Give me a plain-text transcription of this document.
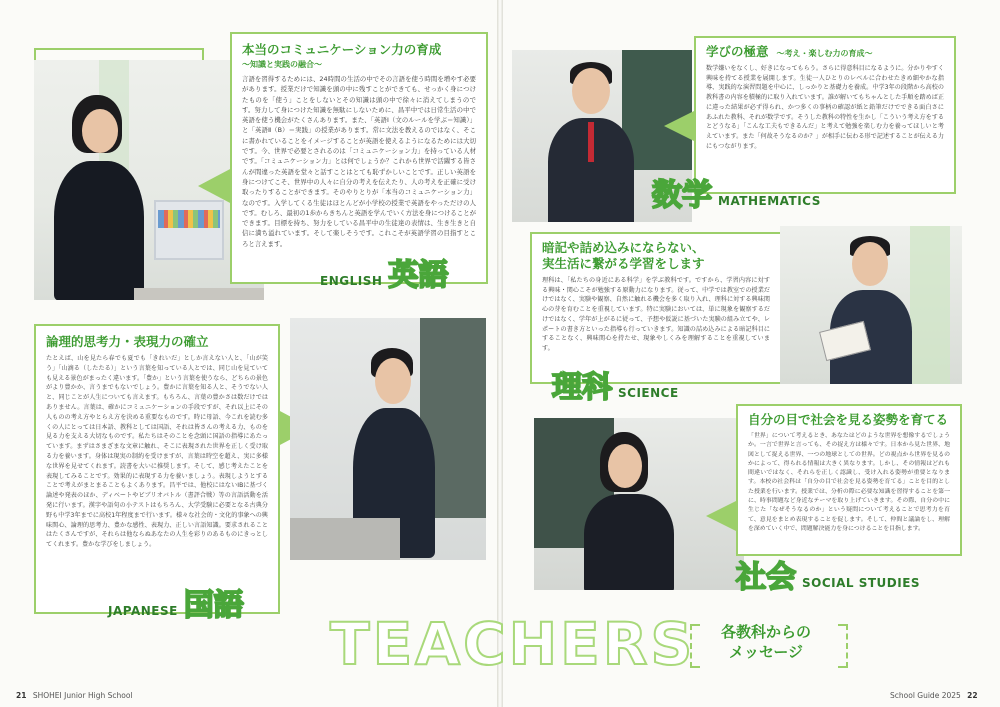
本当のコミュニケーション力の育成
〜知識と実践の融合〜
言語を習得するためには、24時間の生活の中でその言語を使う時間を増やす必要があります。授業だけで知識を頭の中に残すことができても、せっかく身につけたものを「使う」ことをしないとその知識は頭の中で徐々に消えてしまうのです。努力して身につけた知識を無駄にしないために、昌平中では日常生活の中で英語を使う機会がたくさんあります。また、「英語Ⅰ（文のルールを学ぶ＝知識）」と「英語Ⅱ（B）＝実践」の授業があります。常に文法を教えるのではなく、そこに書かれていることをイメージすることが英語を使えるようになるためには大切です。今、世界で必要とされるのは「コミュニケーション力」を持っている人材です。「コミュニケーション力」とは何でしょうか？これから世界で活躍する皆さんが間違った英語を堂々と話すことはとても恥ずかしいことです。正しい英語を身につけてこそ、世界中の人々に自分の考えを伝えたり、人の考えを正確に受け取ったりすることができます。そのやりとりが「本当のコミュニケーション力」なのです。入学してくる生徒はほとんどが小学校の授業で英語をやっただけの人です。むしろ、最初の1歩からきちんと英語を学んでいく方法を身につけることができます。目標を持ち、努力をしている昌平中の生徒達の表情は、生き生きと自信に満ち溢れています。そして楽しそうです。これこそが英語学習の目指すところと言えます。
ENGLISH 英語
論理的思考力・表現力の確立
たとえば、山を見たら春でも夏でも「きれいだ」としか言えない人と、「山が笑う」「山滴る（したたる）」という言葉を知っている人とでは、同じ山を見ていても見える景色がまったく違います。「豊か」という言葉を使うなら、どちらの景色がより豊かか、言うまでもないでしょう。豊かに言葉を知る人と、そうでない人と、同じことが人生についても言えます。もちろん、言葉の豊かさは数だけではありません。言葉は、確かにコミュニケーションの手段ですが、それ以上にその人ものの考え方やとらえ方を決める重要なものです。時に母語、今これを読む多くの人にとっては日本語、教科としては国語、それは皆さんの考える力、ものを見る力を支える大切なものです。私たちはそのことを念頭に国語の指導にあたっています。まずはさまざまな文章に触れ、そこに表現された世界を正しく受け取る力を養います。身体は現実の制約を受けますが、言葉は時空を超え、実に多様な世界を見せてくれます。読書を大いに推奨します。そして、感じ考えたことを表現してみることです。効果的に表現する力を養いましょう。表現しようとすることで考えがまとまることもよくあります。昌平では、他校にはないIBに基づく論述や発表のほか、ディベートやビブリオバトル（書評合戦）等の言語活動を活発に行います。漢字や語句の小テストはもちろん、大学受験に必要となる古典分野も中学3年までに高校1年程度まで行います。様々な社会的・文化的事象への興味関心、論理的思考力、豊かな感性、表現力、正しい言語知識。要求されることはたくさんですが、それらは他ならぬあなたの人生を彩りのあるものにきっとしてくれます。豊かな学びをしましょう。
JAPANESE 国語
学びの極意 〜考え・楽しむ力の育成〜
数学嫌いをなくし、好きになってもらう。さらに得意科目になるように。分かりやすく興味を持てる授業を展開します。生徒一人ひとりのレベルに合わせたきめ細やかな指導、実践的な演習問題を中心に、しっかりと基礎力を養成。中学3年の段階から高校の教科書の内容を積極的に取り入れています。誰が解いてもちゃんとした手順を踏めば正に違った結果が必ず得られ、かつ多くの事柄の確認が紙と鉛筆だけでできる面白さにあふれた教科、それが数学です。そうした教科の特性を生かし「こういう考え方をするとどうなる」「こんな工夫もできるんだ」と考えて勉強を楽しむ力を養ってほしいと考えています。また「何故そうなるのか？」が相手に伝わる形で記述することが伝える力にもつながります。
数学 MATHEMATICS
暗記や詰め込みにならない、
実生活に繋がる学習をします
理科は、「私たちの身近にある科学」を学ぶ教科です。ですから、学習内容に対する興味・関心こそが勉強する原動力になります。従って、中学では教室での授業だけではなく、実験や観察、自然に触れる機会を多く取り入れ、理科に対する興味関心の芽を育むことを重視しています。特に実験においては、単に現象を観察するだけではなく、学年が上がるに従って、予想や仮説に基づいた実験の組み立てや、レポートの書き方といった指導も行っていきます。知識の詰め込みによる暗記科目にすることなく、興味関心を持たせ、現象やしくみを理解することを重視しています。
理科 SCIENCE
自分の目で社会を見る姿勢を育てる
「世界」について考えるとき、あなたはどのような世界を想像するでしょうか。一言で世界と言っても、その捉え方は様々です。日本から見た世界、地図として捉える世界、一つの地球としての世界。どの視点から世界を見るのかによって、得られる情報は大きく異なります。しかし、その情報はどれも間違いではなく、それらを正しく認識し、受け入れる姿勢が重要となります。本校の社会科は「自分の目で社会を見る姿勢を育てる」ことを目的とした授業を行います。授業では、分析の際に必要な知識を習得することを第一に、時事問題など身近なテーマを取り上げていきます。その際、自分の中に生じた「なぜそうなるのか」という疑問について考えることで思考力を育て、意見をまとめ表現することを促します。そして、仲間と議論をし、理解を深めていく中で、問題解決能力を身につけることを目指します。
社会 SOCIAL STUDIES
TEACHERS	各教科からの
メッセージ
21 SHOHEI Junior High School	School Guide 2025 22
